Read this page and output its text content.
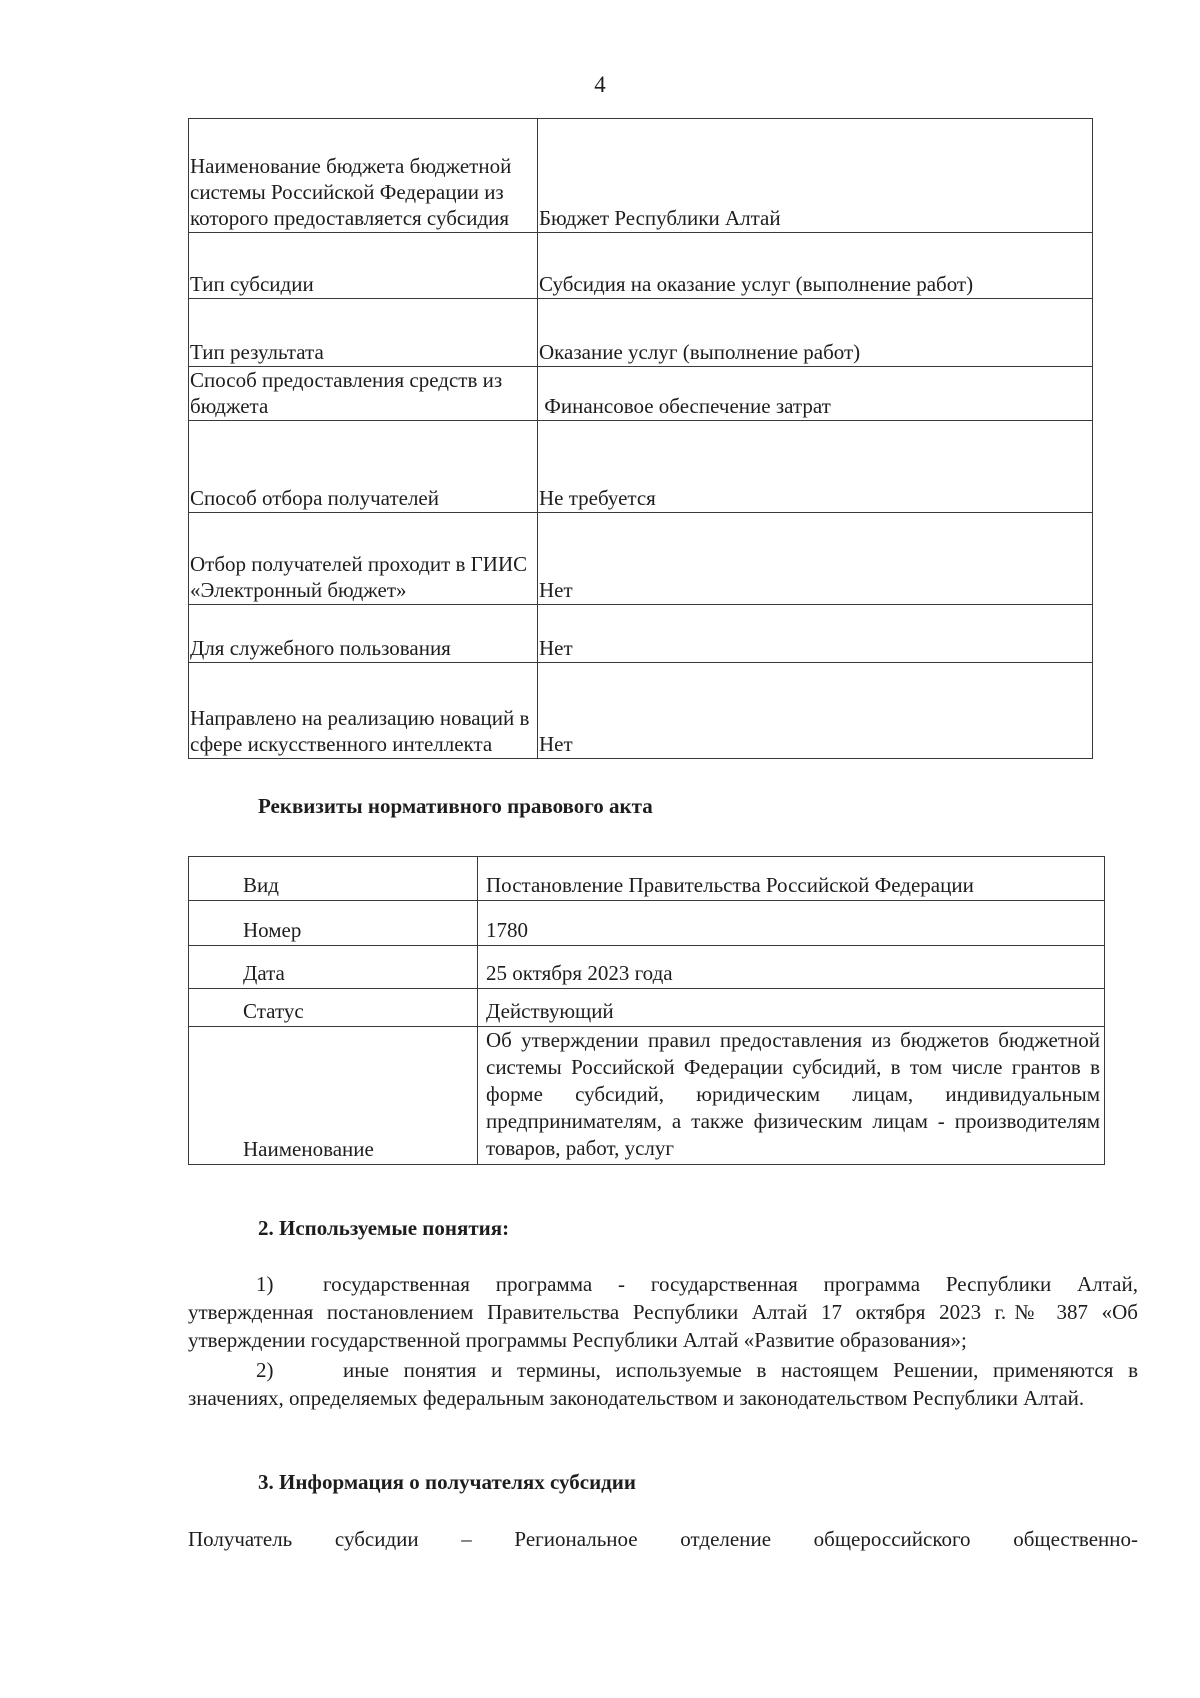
4
Наименование бюджета бюджетной системы Российской Федерации из которого предоставляется субсидия	Бюджет Республики Алтай
Тип субсидии	Субсидия на оказание услуг (выполнение работ)
Тип результата	Оказание услуг (выполнение работ)
Способ предоставления средств из бюджета	Финансовое обеспечение затрат
Способ отбора получателей	Не требуется
Отбор получателей проходит в ГИИС «Электронный бюджет»	Нет
Для служебного пользования	Нет
Направлено на реализацию новаций в сфере искусственного интеллекта	Нет
Реквизиты нормативного правового акта
Вид	Постановление Правительства Российской Федерации
Номер	1780
Дата	25 октября 2023 года
Статус	Действующий
Наименование	Об утверждении правил предоставления из бюджетов бюджетной системы Российской Федерации субсидий, в том числе грантов в форме субсидий, юридическим лицам, индивидуальным предпринимателям, а также физическим лицам - производителям товаров, работ, услуг
2. Используемые понятия:
1) государственная программа - государственная программа Республики Алтай, утвержденная постановлением Правительства Республики Алтай 17 октября 2023 г.№ 387 «Об утверждении государственной программы Республики Алтай «Развитие образования»;
2)	иные понятия и термины, используемые в настоящем Решении, применяются в значениях, определяемых федеральным законодательством и законодательством Республики Алтай.
3. Информация о получателях субсидии
Получатель субсидии – Региональное отделение общероссийского общественно-
